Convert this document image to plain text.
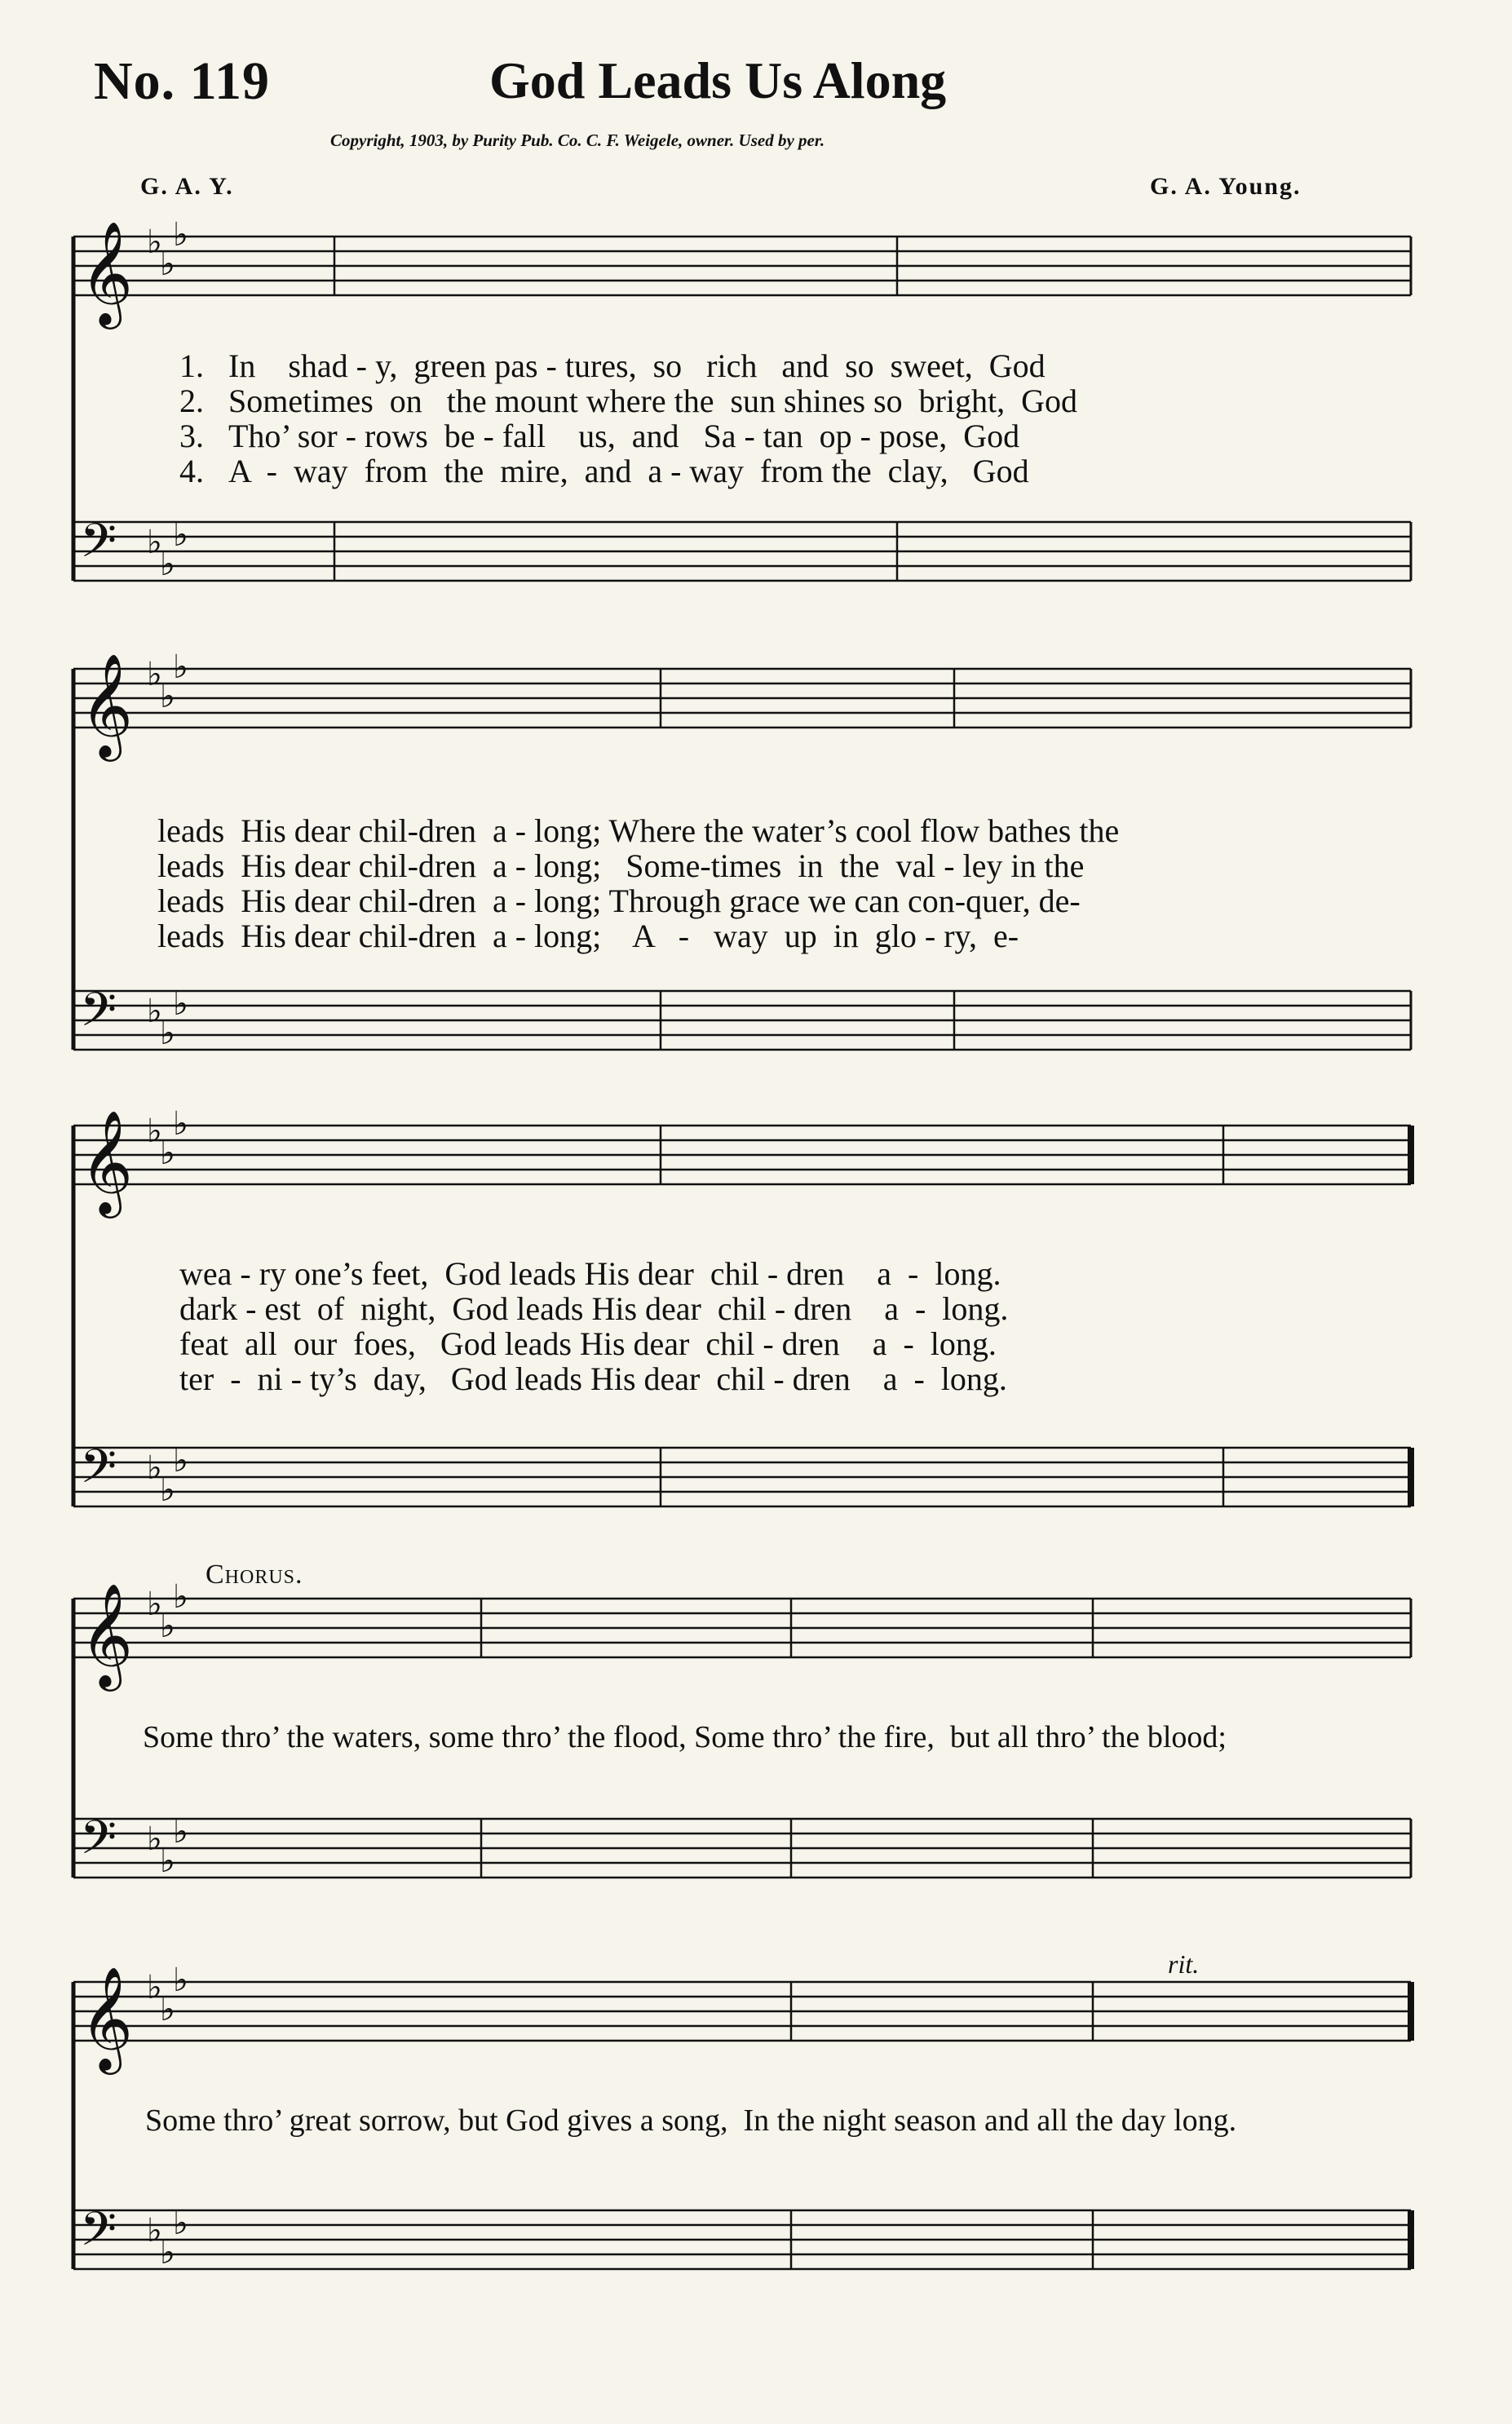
No. 119	God Leads Us Along
Copyright, 1903, by Purity Pub. Co. C. F. Weigele, owner. Used by per.
G. A. Y.	G. A. Young.
𝄞 ♭
♭
♭
𝄢 ♭
♭
♭
1. In    shad - y,  green pas - tures,  so   rich   and  so  sweet,  God
2. Sometimes  on   the mount where the  sun shines so  bright,  God
3. Tho’ sor - rows  be - fall    us,  and   Sa - tan  op - pose,  God
4. A  -  way  from  the  mire,  and  a - way  from the  clay,   God
𝄞 ♭
♭
♭
𝄢 ♭
♭
♭
leads  His dear chil-dren  a - long; Where the water’s cool flow bathes the
leads  His dear chil-dren  a - long;   Some-times  in  the  val - ley in the
leads  His dear chil-dren  a - long; Through grace we can con-quer, de-
leads  His dear chil-dren  a - long;    A   -   way  up  in  glo - ry,  e-
𝄞 ♭
♭
♭
𝄢 ♭
♭
♭
wea - ry one’s feet,  God leads His dear  chil - dren    a  -  long.
dark - est  of  night,  God leads His dear  chil - dren    a  -  long.
feat  all  our  foes,   God leads His dear  chil - dren    a  -  long.
ter  -  ni - ty’s  day,   God leads His dear  chil - dren    a  -  long.
Chorus.
𝄞 ♭
♭
♭
𝄢 ♭
♭
♭
Some thro’ the waters, some thro’ the flood, Some thro’ the fire,  but all thro’ the blood;
rit.
𝄞 ♭
♭
♭
𝄢 ♭
♭
♭
Some thro’ great sorrow, but God gives a song,  In the night season and all the day long.
